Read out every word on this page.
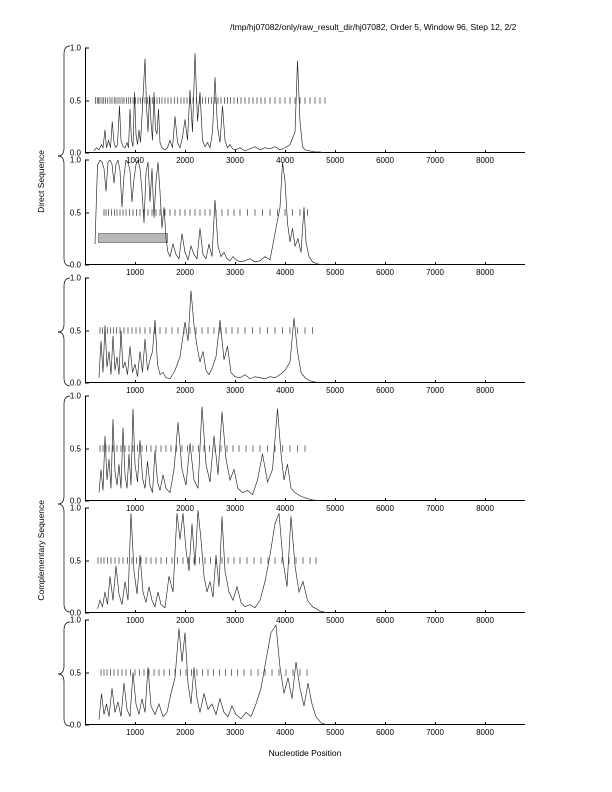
/tmp/hj07082/only/raw_result_dir/hj07082, Order 5, Window 96, Step 12, 2/2
0.0
0.5
1.0
1000	2000	3000	4000	5000	6000	7000	8000
0.0
0.5
1.0
1000	2000	3000	4000	5000	6000	7000	8000
0.0
0.5
1.0
1000	2000	3000	4000	5000	6000	7000	8000
0.0
0.5
1.0
1000	2000	3000	4000	5000	6000	7000	8000
0.0
0.5
1.0
1000	2000	3000	4000	5000	6000	7000	8000
0.0
0.5
1.0
1000	2000	3000	4000	5000	6000	7000	8000
Nucleotide Position
Direct Sequence
Complementary Sequence
